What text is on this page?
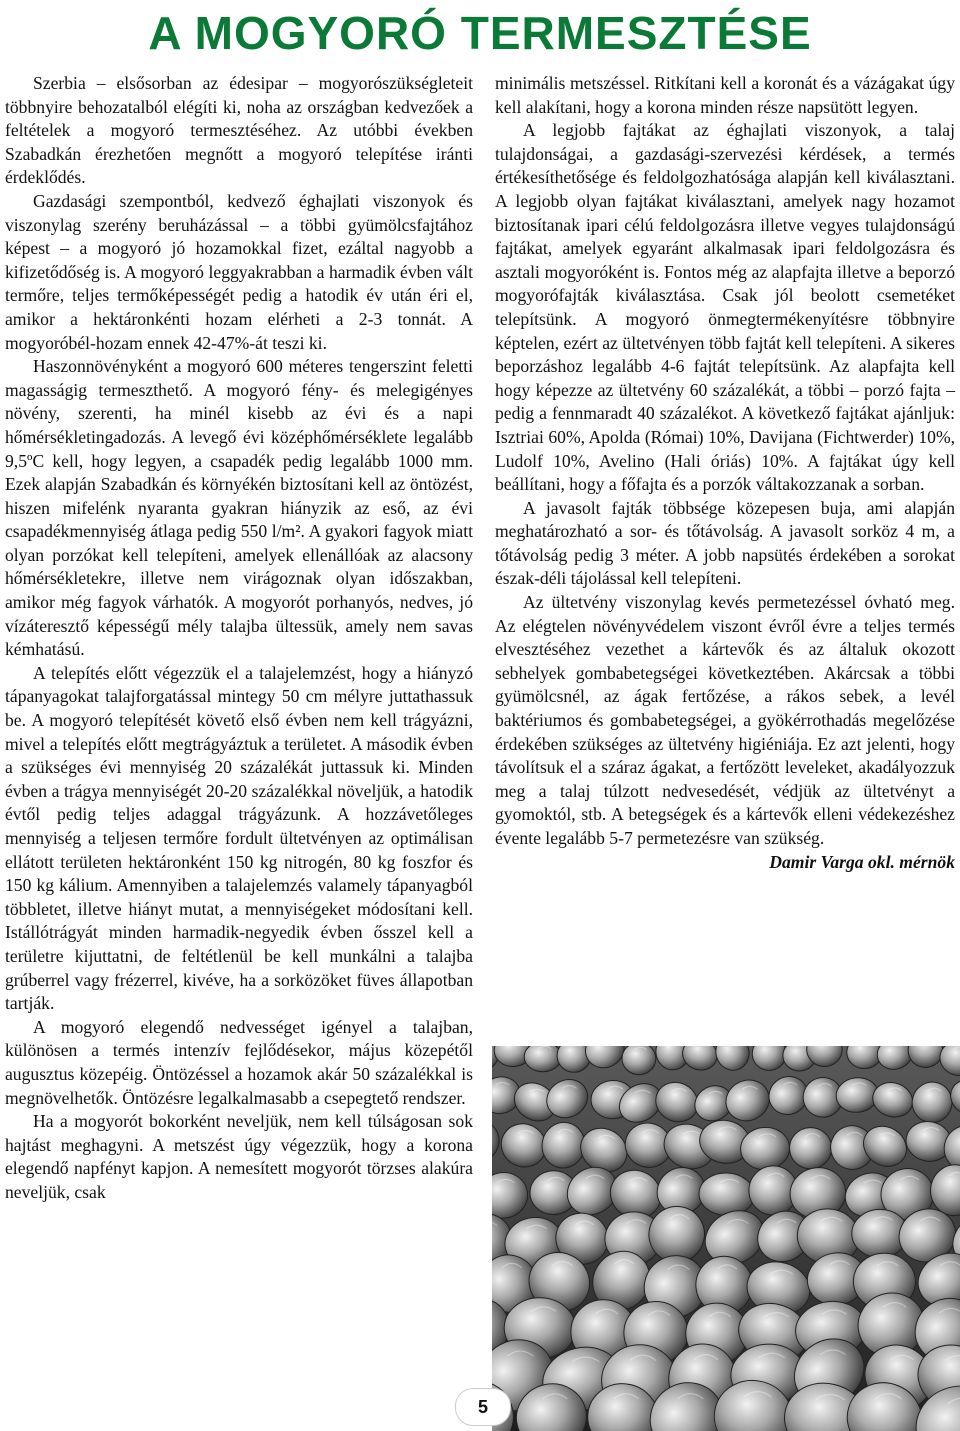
A MOGYORÓ TERMESZTÉSE

Szerbia – elsősorban az édesipar – mogyorószükségleteit többnyire behozatalból elégíti ki, noha az országban kedvezőek a feltételek a mogyoró termesztéséhez. Az utóbbi években Szabadkán érezhetően megnőtt a mogyoró telepítése iránti érdeklődés.

Gazdasági szempontból, kedvező éghajlati viszonyok és viszonylag szerény beruházással – a többi gyümölcsfajtához képest – a mogyoró jó hozamokkal fizet, ezáltal nagyobb a kifizetődőség is. A mogyoró leggyakrabban a harmadik évben vált termőre, teljes termőképességét pedig a hatodik év után éri el, amikor a hektáronkénti hozam elérheti a 2-3 tonnát. A mogyoróbél-hozam ennek 42-47%-át teszi ki.

Haszonnövényként a mogyoró 600 méteres tengerszint feletti magasságig termeszthető. A mogyoró fény- és melegigényes növény, szerenti, ha minél kisebb az évi és a napi hőmérsékletingadozás. A levegő évi középhőmérséklete legalább 9,5ºC kell, hogy legyen, a csapadék pedig legalább 1000 mm. Ezek alapján Szabadkán és környékén biztosítani kell az öntözést, hiszen mifelénk nyaranta gyakran hiányzik az eső, az évi csapadékmennyiség átlaga pedig 550 l/m². A gyakori fagyok miatt olyan porzókat kell telepíteni, amelyek ellenállóak az alacsony hőmérsékletekre, illetve nem virágoznak olyan időszakban, amikor még fagyok várhatók. A mogyorót porhanyós, nedves, jó vízáteresztő képességű mély talajba ültessük, amely nem savas kémhatású.

A telepítés előtt végezzük el a talajelemzést, hogy a hiányzó tápanyagokat talajforgatással mintegy 50 cm mélyre juttathassuk be. A mogyoró telepítését követő első évben nem kell trágyázni, mivel a telepítés előtt megtrágyáztuk a területet. A második évben a szükséges évi mennyiség 20 százalékát juttassuk ki. Minden évben a trágya mennyiségét 20-20 százalékkal növeljük, a hatodik évtől pedig teljes adaggal trágyázunk. A hozzávetőleges mennyiség a teljesen termőre fordult ültetvényen az optimálisan ellátott területen hektáronként 150 kg nitrogén, 80 kg foszfor és 150 kg kálium. Amennyiben a talajelemzés valamely tápanyagból többletet, illetve hiányt mutat, a mennyiségeket módosítani kell. Istállótrágyát minden harmadik-negyedik évben ősszel kell a területre kijuttatni, de feltétlenül be kell munkálni a talajba grúberrel vagy frézerrel, kivéve, ha a sorközöket füves állapotban tartják.

A mogyoró elegendő nedvességet igényel a talajban, különösen a termés intenzív fejlődésekor, május közepétől augusztus közepéig. Öntözéssel a hozamok akár 50 százalékkal is megnövelhetők. Öntözésre legalkalmasabb a csepegtető rendszer.

Ha a mogyorót bokorként neveljük, nem kell túlságosan sok hajtást meghagyni. A metszést úgy végezzük, hogy a korona elegendő napfényt kapjon. A nemesített mogyorót törzses alakúra neveljük, csak

minimális metszéssel. Ritkítani kell a koronát és a vázágakat úgy kell alakítani, hogy a korona minden része napsütött legyen.

A legjobb fajtákat az éghajlati viszonyok, a talaj tulajdonságai, a gazdasági-szervezési kérdések, a termés értékesíthetősége és feldolgozhatósága alapján kell kiválasztani. A legjobb olyan fajtákat kiválasztani, amelyek nagy hozamot biztosítanak ipari célú feldolgozásra illetve vegyes tulajdonságú fajtákat, amelyek egyaránt alkalmasak ipari feldolgozásra és asztali mogyoróként is. Fontos még az alapfajta illetve a beporzó mogyorófajták kiválasztása. Csak jól beolott csemetéket telepítsünk. A mogyoró önmegtermékenyítésre többnyire képtelen, ezért az ültetvényen több fajtát kell telepíteni. A sikeres beporzáshoz legalább 4-6 fajtát telepítsünk. Az alapfajta kell hogy képezze az ültetvény 60 százalékát, a többi – porzó fajta – pedig a fennmaradt 40 százalékot. A következő fajtákat ajánljuk: Isztriai 60%, Apolda (Római) 10%, Davijana (Fichtwerder) 10%, Ludolf 10%, Avelino (Hali óriás) 10%. A fajtákat úgy kell beállítani, hogy a főfajta és a porzók váltakozzanak a sorban.

A javasolt fajták többsége közepesen buja, ami alapján meghatározható a sor- és tőtávolság. A javasolt sorköz 4 m, a tőtávolság pedig 3 méter. A jobb napsütés érdekében a sorokat észak-déli tájolással kell telepíteni.

Az ültetvény viszonylag kevés permetezéssel óvható meg. Az elégtelen növényvédelem viszont évről évre a teljes termés elvesztéséhez vezethet a kártevők és az általuk okozott sebhelyek gombabetegségei következtében. Akárcsak a többi gyümölcsnél, az ágak fertőzése, a rákos sebek, a levél baktériumos és gombabetegségei, a gyökérrothadás megelőzése érdekében szükséges az ültetvény higiéniája. Ez azt jelenti, hogy távolítsuk el a száraz ágakat, a fertőzött leveleket, akadályozzuk meg a talaj túlzott nedvesedését, védjük az ültetvényt a gyomoktól, stb. A betegségek és a kártevők elleni védekezéshez évente legalább 5-7 permetezésre van szükség.

Damir Varga okl. mérnök

5
